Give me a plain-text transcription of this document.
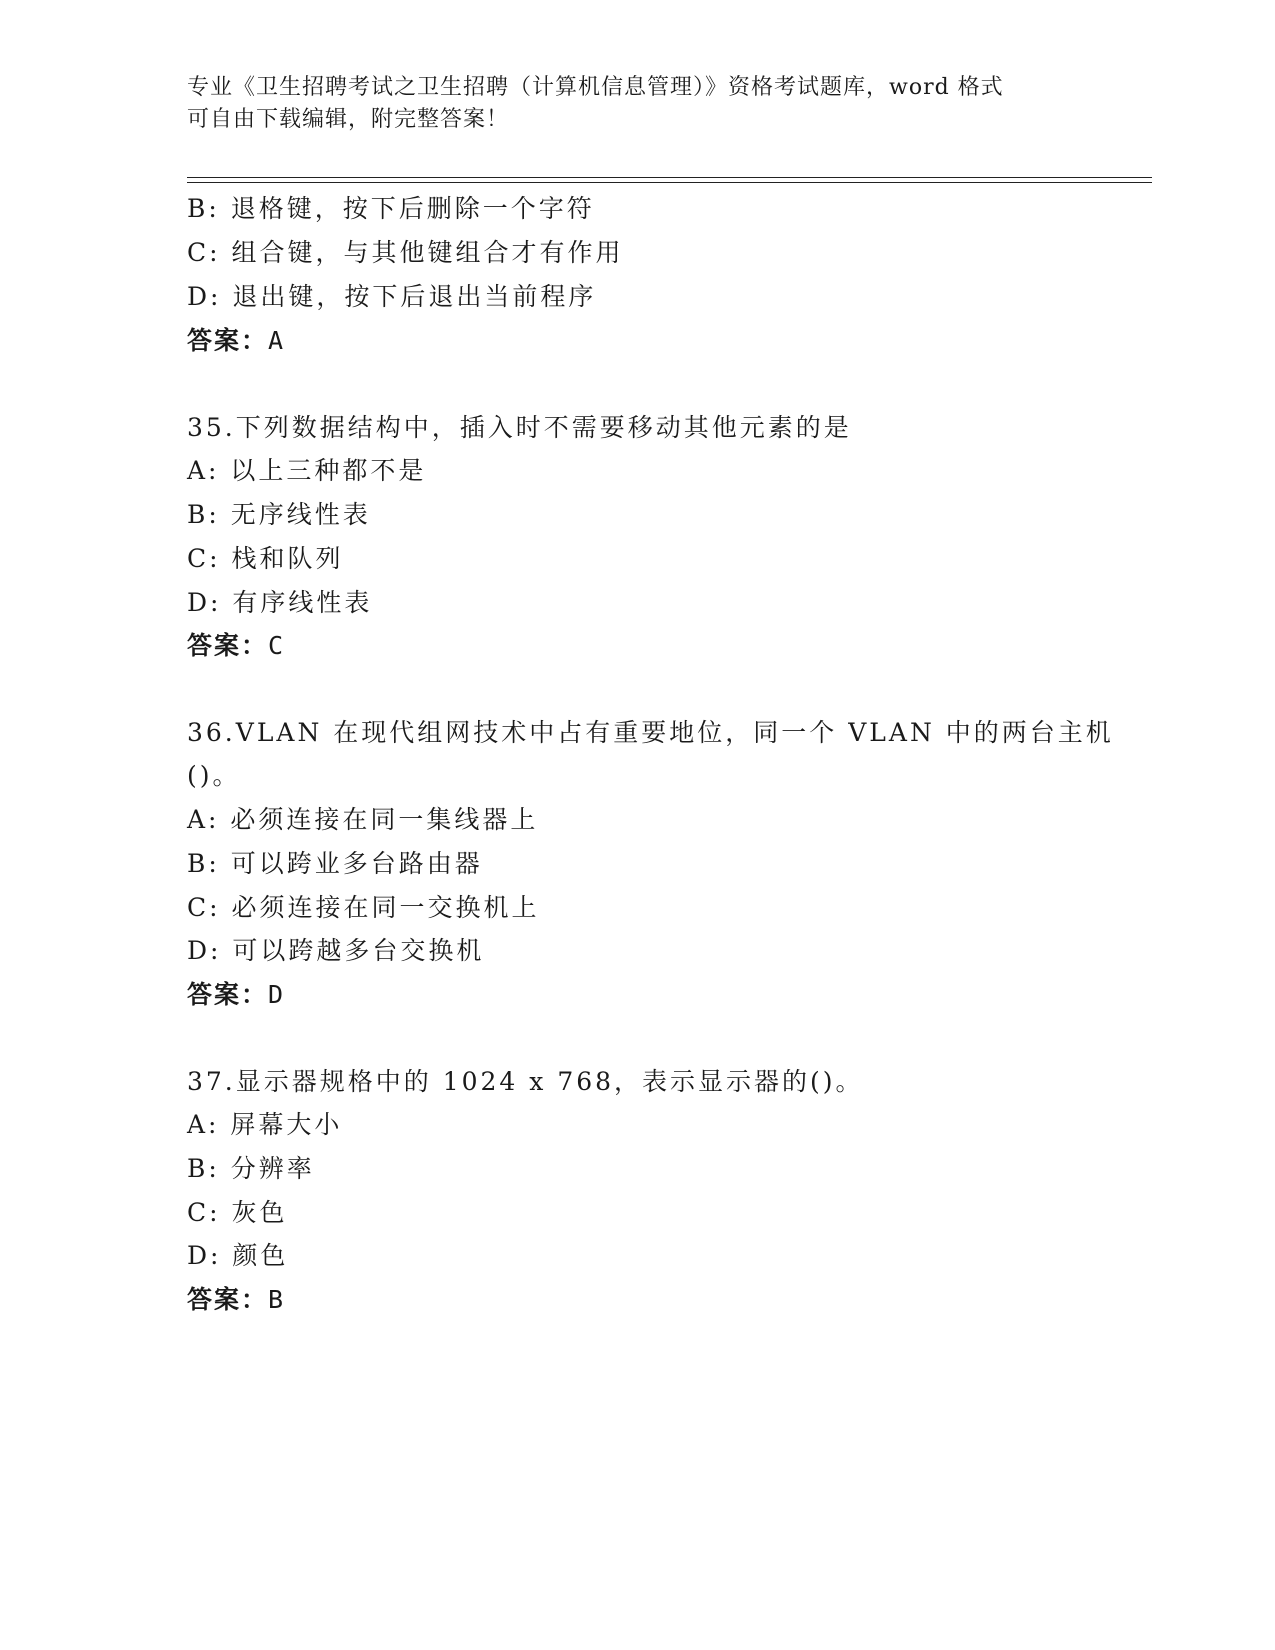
专业《卫生招聘考试之卫生招聘（计算机信息管理）》资格考试题库，word 格式
可自由下载编辑，附完整答案！
B: 退格键，按下后删除一个字符
C: 组合键，与其他键组合才有作用
D: 退出键，按下后退出当前程序
答案：A
35.下列数据结构中，插入时不需要移动其他元素的是
A: 以上三种都不是
B: 无序线性表
C: 栈和队列
D: 有序线性表
答案：C
36.VLAN 在现代组网技术中占有重要地位，同一个 VLAN 中的两台主机
()。
A: 必须连接在同一集线器上
B: 可以跨业多台路由器
C: 必须连接在同一交换机上
D: 可以跨越多台交换机
答案：D
37.显示器规格中的 1024 x 768，表示显示器的()。
A: 屏幕大小
B: 分辨率
C: 灰色
D: 颜色
答案：B
